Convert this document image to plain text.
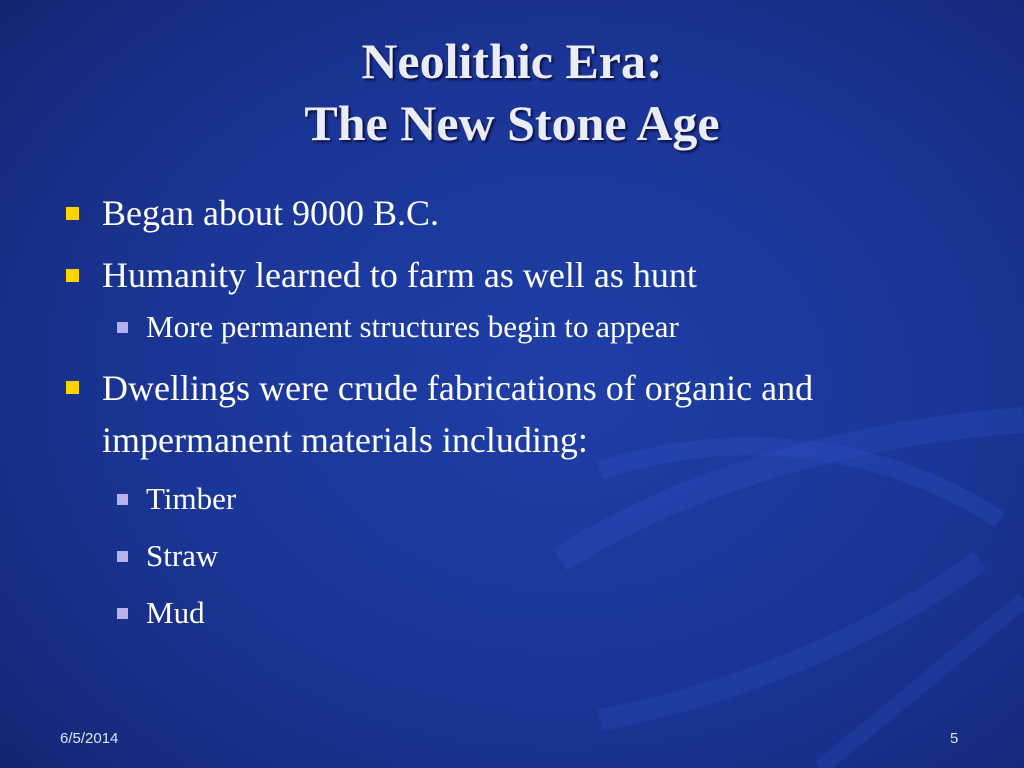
Neolithic Era:
The New Stone Age
Began about 9000 B.C.
Humanity learned to farm as well as hunt
More permanent structures begin to appear
Dwellings were crude fabrications of organic and impermanent materials including:
Timber
Straw
Mud
6/5/2014	5
